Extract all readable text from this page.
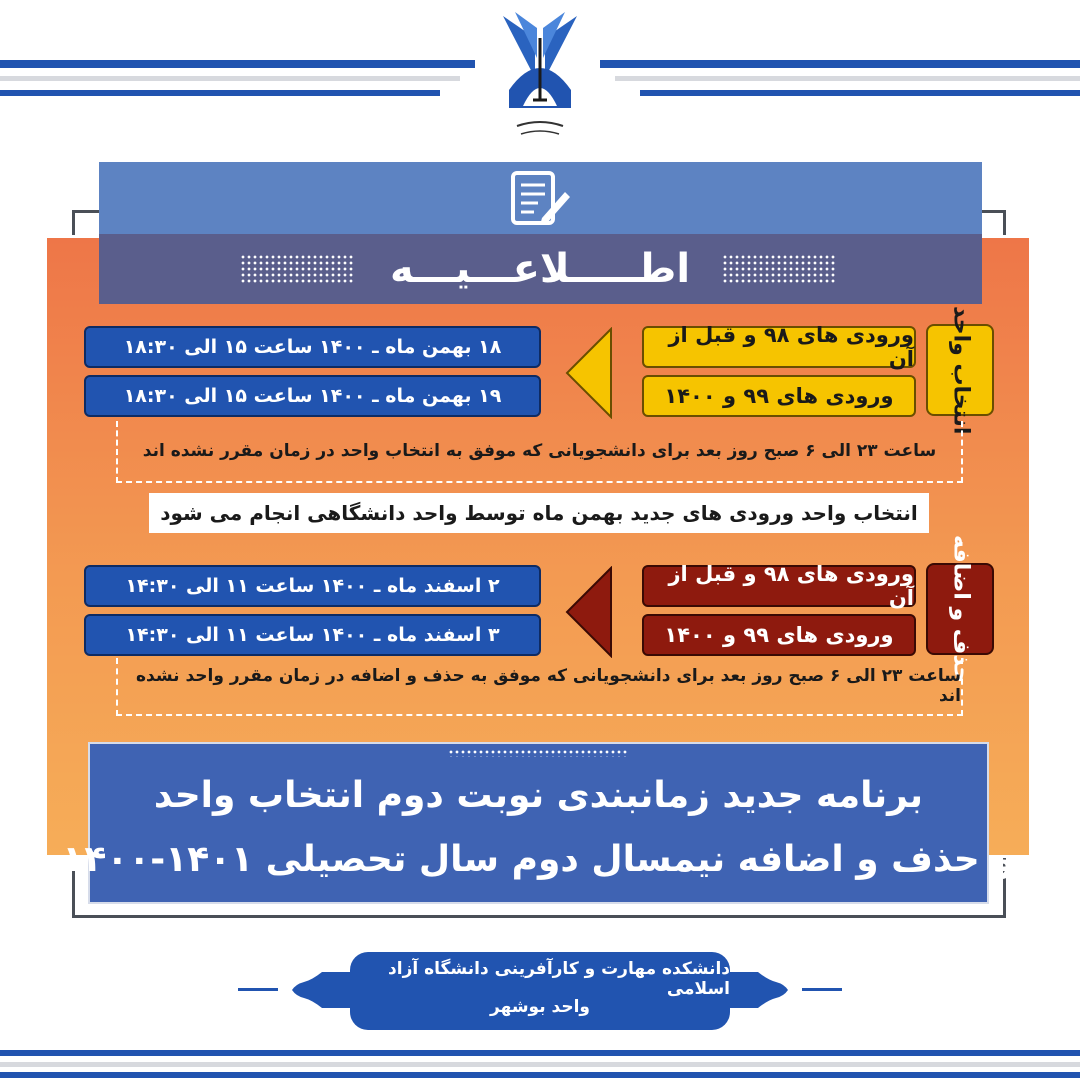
اطـــــلاعـــیـــه
انتخاب واحد
ورودی های ۹۸ و قبل از آن
ورودی های ۹۹ و ۱۴۰۰
۱۸ بهمن ماه ـ ۱۴۰۰ ساعت ۱۵ الی ۱۸:۳۰
۱۹ بهمن ماه ـ ۱۴۰۰ ساعت ۱۵ الی ۱۸:۳۰
ساعت ۲۳ الی ۶ صبح روز بعد برای دانشجویانی که موفق به انتخاب واحد در زمان مقرر نشده اند
انتخاب واحد ورودی های جدید بهمن ماه توسط واحد دانشگاهی انجام می شود
حذف و اضافه
ورودی های ۹۸ و قبل از آن
ورودی های ۹۹ و ۱۴۰۰
۲ اسفند ماه ـ ۱۴۰۰ ساعت ۱۱ الی ۱۴:۳۰
۳ اسفند ماه ـ ۱۴۰۰ ساعت ۱۱ الی ۱۴:۳۰
ساعت ۲۳ الی ۶ صبح روز بعد برای دانشجویانی که موفق به حذف و اضافه در زمان مقرر واحد نشده اند
برنامه جدید زمانبندی نوبت دوم انتخاب واحد
و حذف و اضافه نیمسال دوم سال تحصیلی ۱۴۰۱-۱۴۰۰
دانشکده مهارت و کارآفرینی دانشگاه آزاد اسلامی
واحد بوشهر
